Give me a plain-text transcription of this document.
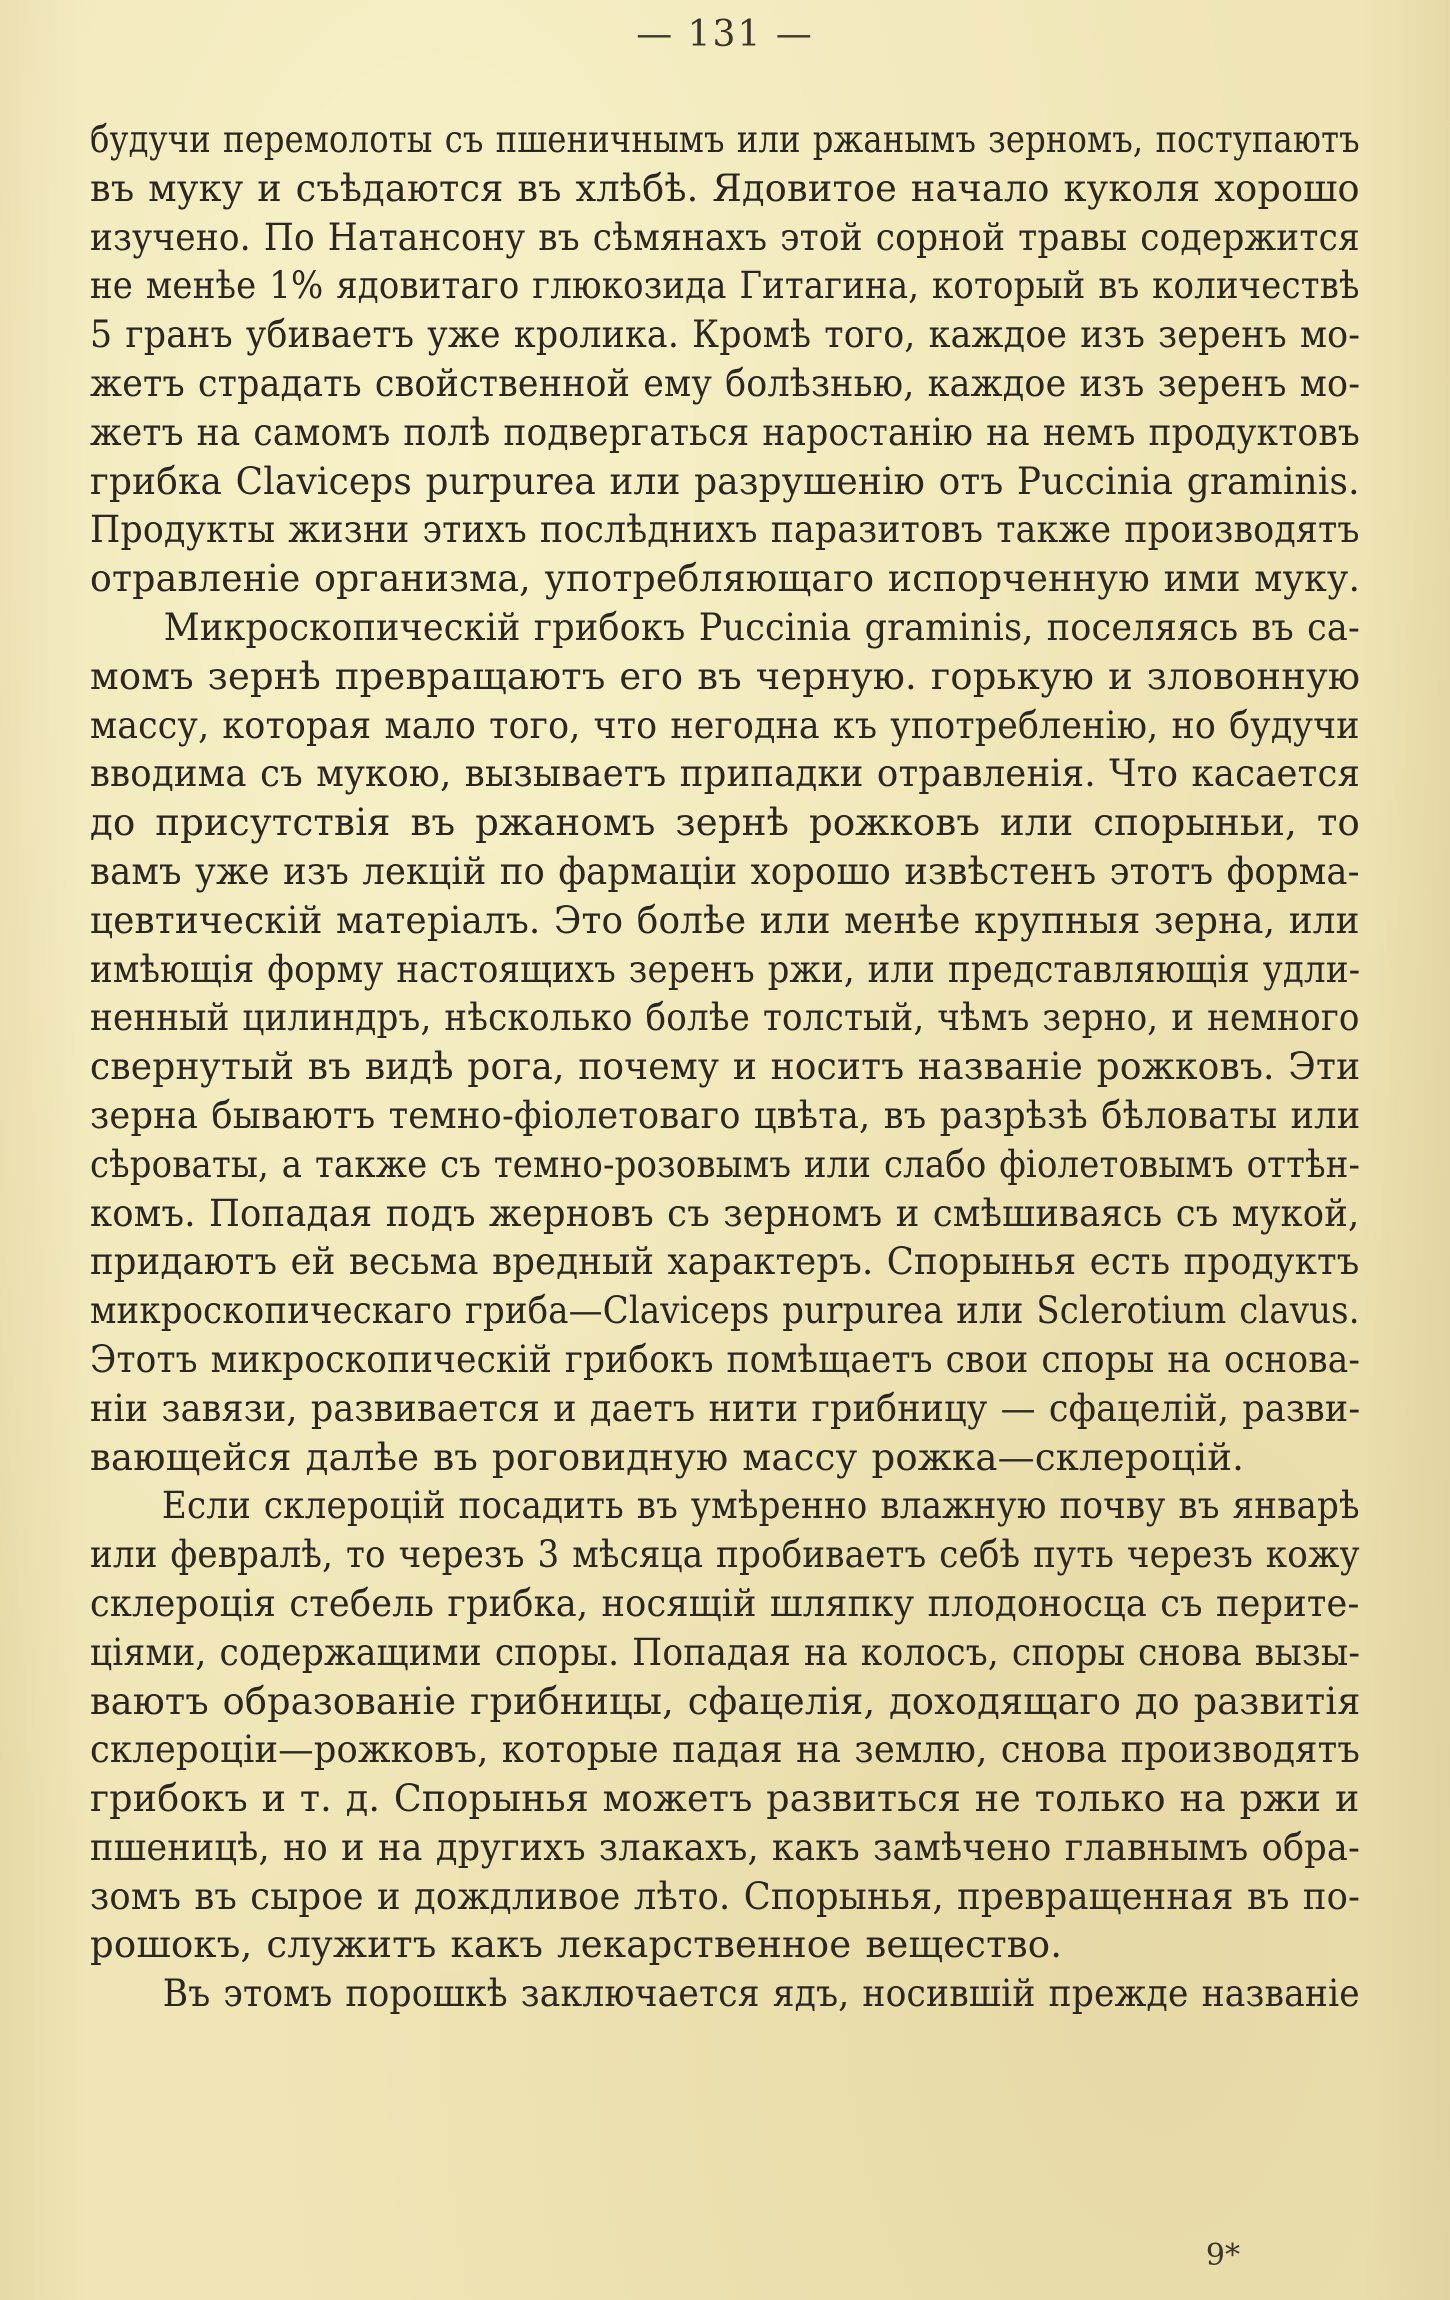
— 131 —
будучи перемолоты съ пшеничнымъ или ржанымъ зерномъ, поступаютъ
въ муку и съѣдаются въ хлѣбѣ. Ядовитое начало куколя хорошо
изучено. По Натансону въ сѣмянахъ этой сорной травы содержится
не менѣе 1% ядовитаго глюкозида Гитагина, который въ количествѣ
5 гранъ убиваетъ уже кролика. Кромѣ того, каждое изъ зеренъ мо-
жетъ страдать свойственной ему болѣзнью, каждое изъ зеренъ мо-
жетъ на самомъ полѣ подвергаться наростанію на немъ продуктовъ
грибка Claviceps purpurea или разрушенію отъ Puccinia graminis.
Продукты жизни этихъ послѣднихъ паразитовъ также производятъ
отравленіе организма, употребляющаго испорченную ими муку.
Микроскопическій грибокъ Puccinia graminis, поселяясь въ са-
момъ зернѣ превращаютъ его въ черную. горькую и зловонную
массу, которая мало того, что негодна къ употребленію, но будучи
вводима съ мукою, вызываетъ припадки отравленія. Что касается
до присутствія въ ржаномъ зернѣ рожковъ или спорыньи, то
вамъ уже изъ лекцій по фармаціи хорошо извѣстенъ этотъ форма-
цевтическій матеріалъ. Это болѣе или менѣе крупныя зерна, или
имѣющія форму настоящихъ зеренъ ржи, или представляющія удли-
ненный цилиндръ, нѣсколько болѣе толстый, чѣмъ зерно, и немного
свернутый въ видѣ рога, почему и носитъ названіе рожковъ. Эти
зерна бываютъ темно-фіолетоваго цвѣта, въ разрѣзѣ бѣловаты или
сѣроваты, а также съ темно-розовымъ или слабо фіолетовымъ оттѣн-
комъ. Попадая подъ жерновъ съ зерномъ и смѣшиваясь съ мукой,
придаютъ ей весьма вредный характеръ. Спорынья есть продуктъ
микроскопическаго гриба—Claviceps purpurea или Sclerotium clavus.
Этотъ микроскопическій грибокъ помѣщаетъ свои споры на основа-
ніи завязи, развивается и даетъ нити грибницу — сфацелій, разви-
вающейся далѣе въ роговидную массу рожка—склероцій.
Если склероцій посадить въ умѣренно влажную почву въ январѣ
или февралѣ, то черезъ 3 мѣсяца пробиваетъ себѣ путь черезъ кожу
склероція стебель грибка, носящій шляпку плодоносца съ перите-
ціями, содержащими споры. Попадая на колосъ, споры снова вызы-
ваютъ образованіе грибницы, сфацелія, доходящаго до развитія
склероціи—рожковъ, которые падая на землю, снова производятъ
грибокъ и т. д. Спорынья можетъ развиться не только на ржи и
пшеницѣ, но и на другихъ злакахъ, какъ замѣчено главнымъ обра-
зомъ въ сырое и дождливое лѣто. Спорынья, превращенная въ по-
рошокъ, служитъ какъ лекарственное вещество.
Въ этомъ порошкѣ заключается ядъ, носившій прежде названіе
9*
